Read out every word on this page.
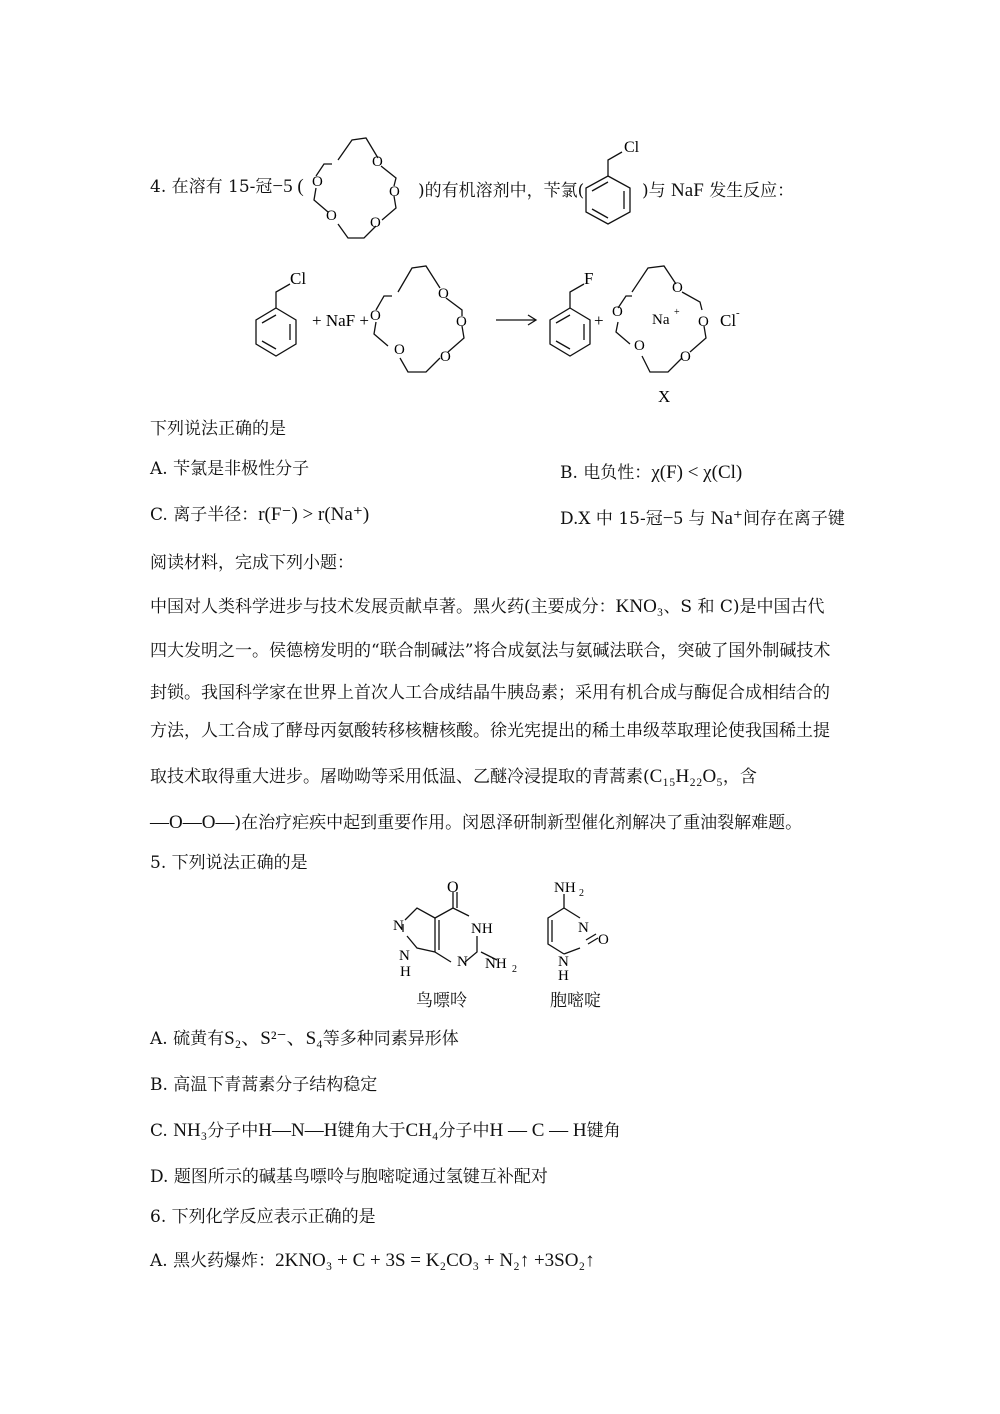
4. 在溶有 15-冠−5 (
O
O
O
O
O	)的有机溶剂中，苄氯(
Cl
)与 NaF 发生反应：
Cl
+ NaF +
O
O
O
O
O
F
+
O
O
O
O
O Na + Cl -
X
下列说法正确的是
A. 苄氯是非极性分子	B. 电负性：χ(F) < χ(Cl)
C. 离子半径：r(F⁻) > r(Na⁺)	D.X 中 15-冠−5 与 Na⁺间存在离子键
阅读材料，完成下列小题：
中国对人类科学进步与技术发展贡献卓著。黑火药(主要成分：KNO₃、S 和 C)是中国古代
四大发明之一。侯德榜发明的“联合制碱法”将合成氨法与氨碱法联合，突破了国外制碱技术
封锁。我国科学家在世界上首次人工合成结晶牛胰岛素；采用有机合成与酶促合成相结合的
方法，人工合成了酵母丙氨酸转移核糖核酸。徐光宪提出的稀土串级萃取理论使我国稀土提
取技术取得重大进步。屠呦呦等采用低温、乙醚冷浸提取的青蒿素(C₁₅H₂₂O₅，含
—O—O—)在治疗疟疾中起到重要作用。闵恩泽研制新型催化剂解决了重油裂解难题。
5. 下列说法正确的是
O
NH
N NH 2
N
N
H
NH 2
N
O
N
H
鸟嘌呤	胞嘧啶
A. 硫黄有S₂、S²⁻、S₄等多种同素异形体
B. 高温下青蒿素分子结构稳定
C. NH₃分子中H—N—H键角大于CH₄分子中H — C — H键角
D. 题图所示的碱基鸟嘌呤与胞嘧啶通过氢键互补配对
6. 下列化学反应表示正确的是
A. 黑火药爆炸：2KNO₃ + C + 3S = K₂CO₃ + N₂↑ +3SO₂↑
